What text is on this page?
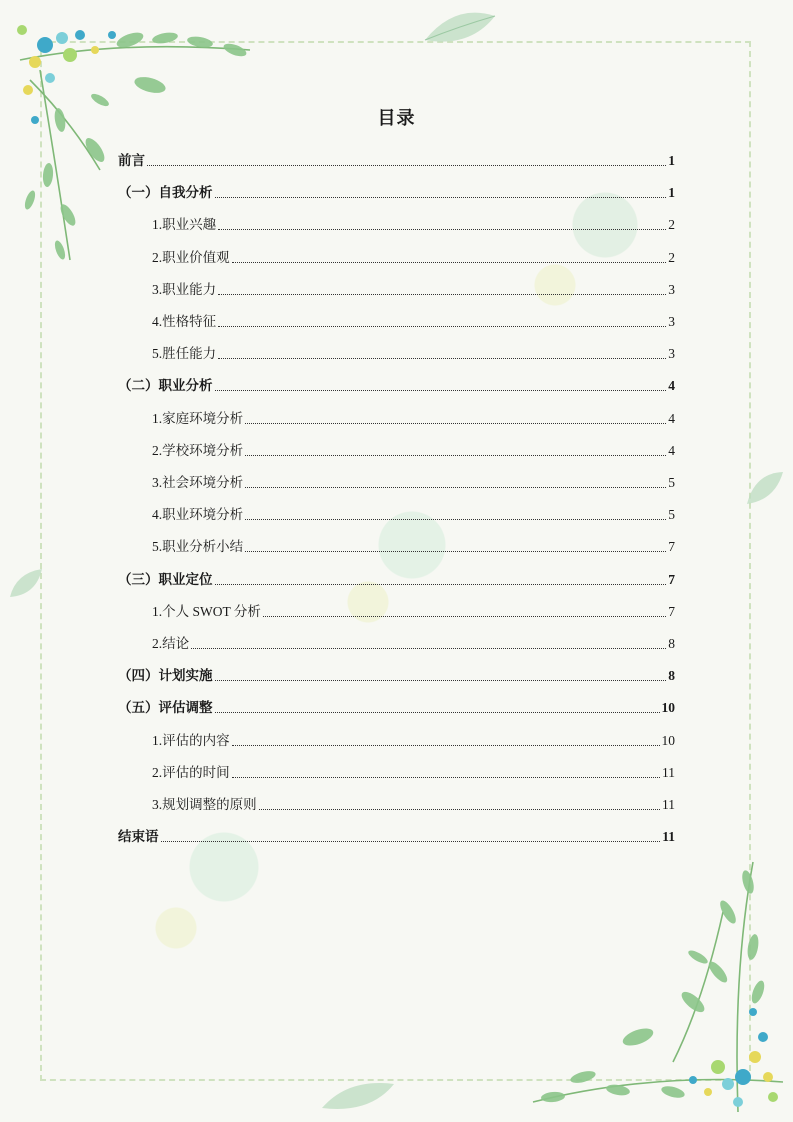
目录
前言	1
（一）自我分析	1
1.职业兴趣	2
2.职业价值观	2
3.职业能力	3
4.性格特征	3
5.胜任能力	3
（二）职业分析	4
1.家庭环境分析	4
2.学校环境分析	4
3.社会环境分析	5
4.职业环境分析	5
5.职业分析小结	7
（三）职业定位	7
1.个人 SWOT 分析	7
2.结论	8
（四）计划实施	8
（五）评估调整	10
1.评估的内容	10
2.评估的时间	11
3.规划调整的原则	11
结束语	11
